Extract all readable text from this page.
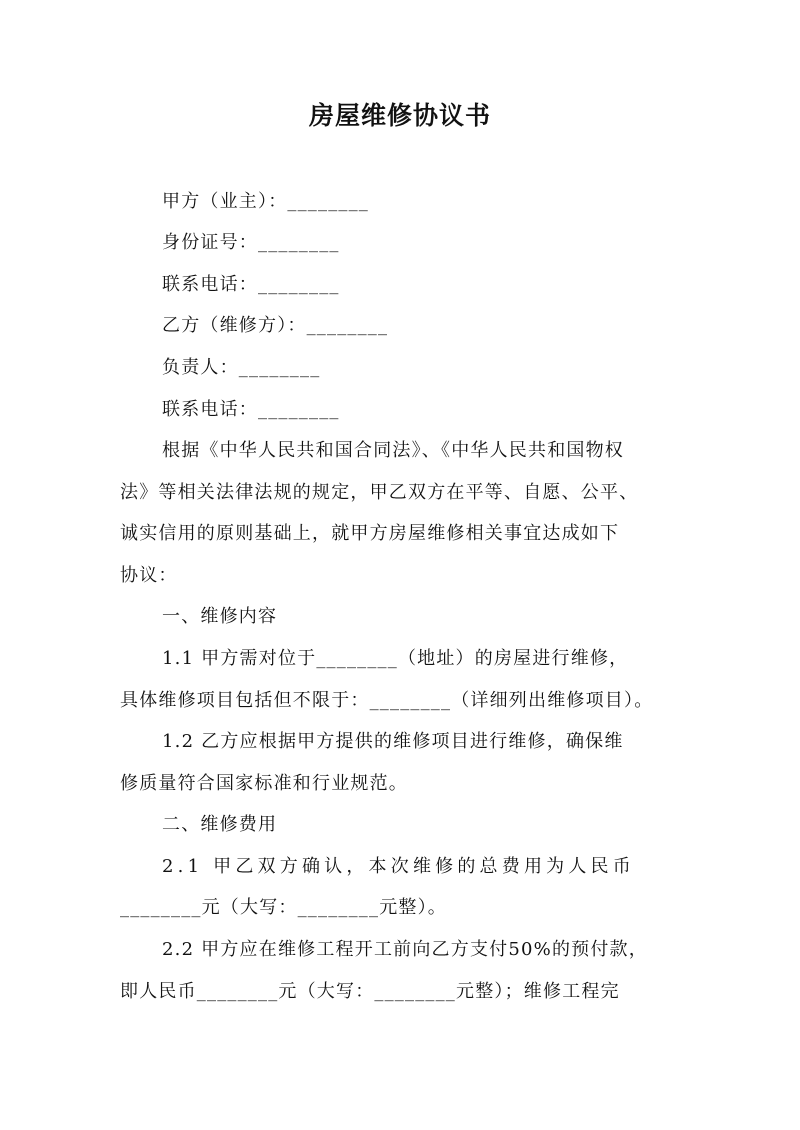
房屋维修协议书
甲方（业主）：________
身份证号：________
联系电话：________
乙方（维修方）：________
负责人：________
联系电话：________
根据《中华人民共和国合同法》、《中华人民共和国物权
法》等相关法律法规的规定，甲乙双方在平等、自愿、公平、
诚实信用的原则基础上，就甲方房屋维修相关事宜达成如下
协议：
一、维修内容
1.1 甲方需对位于________（地址）的房屋进行维修，
具体维修项目包括但不限于：________（详细列出维修项目）。
1.2 乙方应根据甲方提供的维修项目进行维修，确保维
修质量符合国家标准和行业规范。
二、维修费用
2.1 甲乙双方确认，本次维修的总费用为人民币
________元（大写：________元整）。
2.2 甲方应在维修工程开工前向乙方支付50%的预付款，
即人民币________元（大写：________元整）；维修工程完
